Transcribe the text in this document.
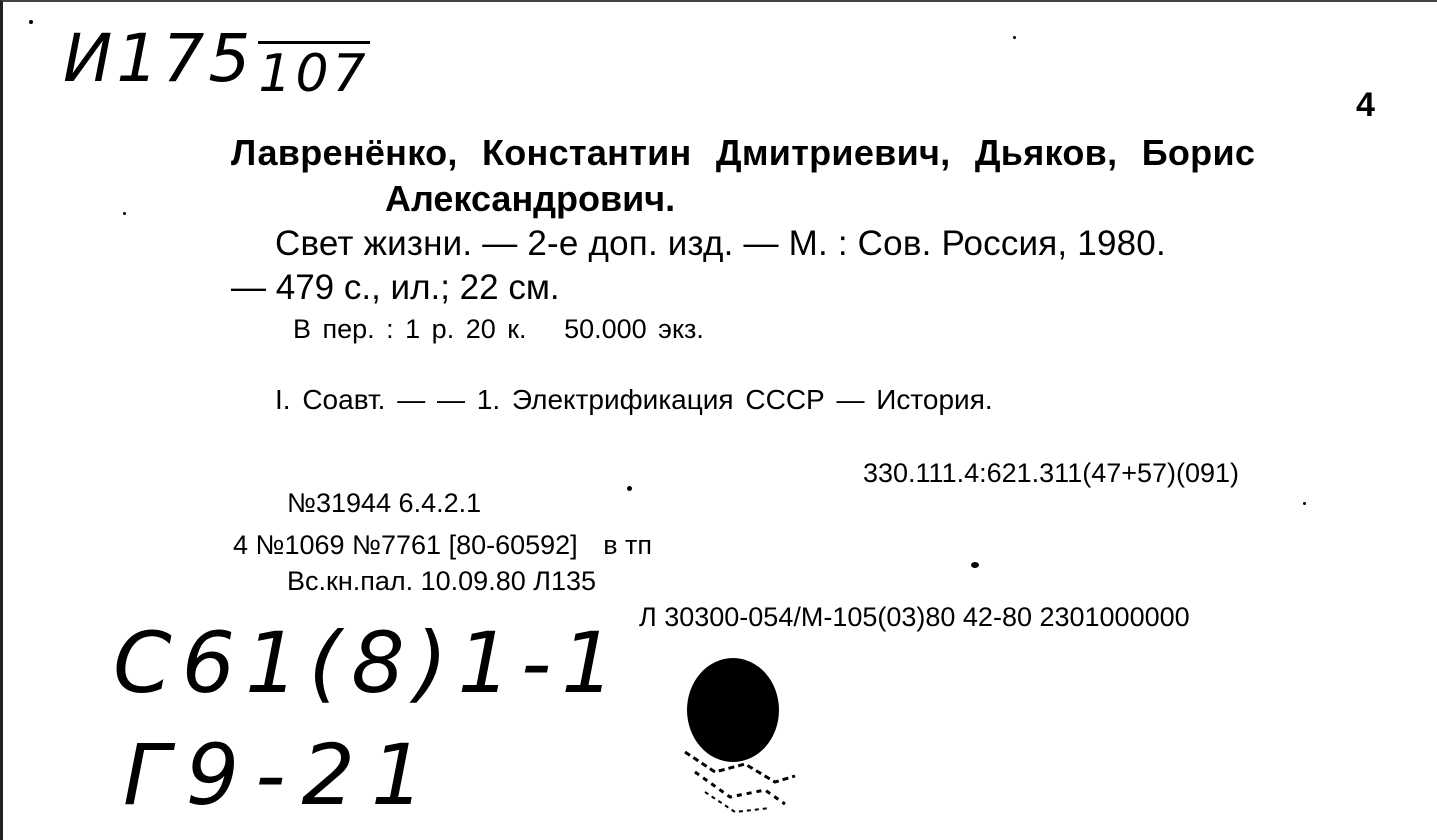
И175107
4
Лавренёнко, Константин Дмитриевич, Дьяков, Борис
Александрович.
Свет жизни. — 2-е доп. изд. — М. : Сов. Россия, 1980.
— 479 с., ил.; 22 см.
В пер. : 1 р. 20 к. 50.000 экз.
I. Соавт. — — 1. Электрификация СССР — История.
330.111.4:621.311(47+57)(091)
№31944 6.4.2.1
4 №1069 №7761 [80-60592] в тп
Вс.кн.пал. 10.09.80 Л135
Л 30300-054/М-105(03)80 42-80 2301000000
С61(8)1-1
Г9-21
